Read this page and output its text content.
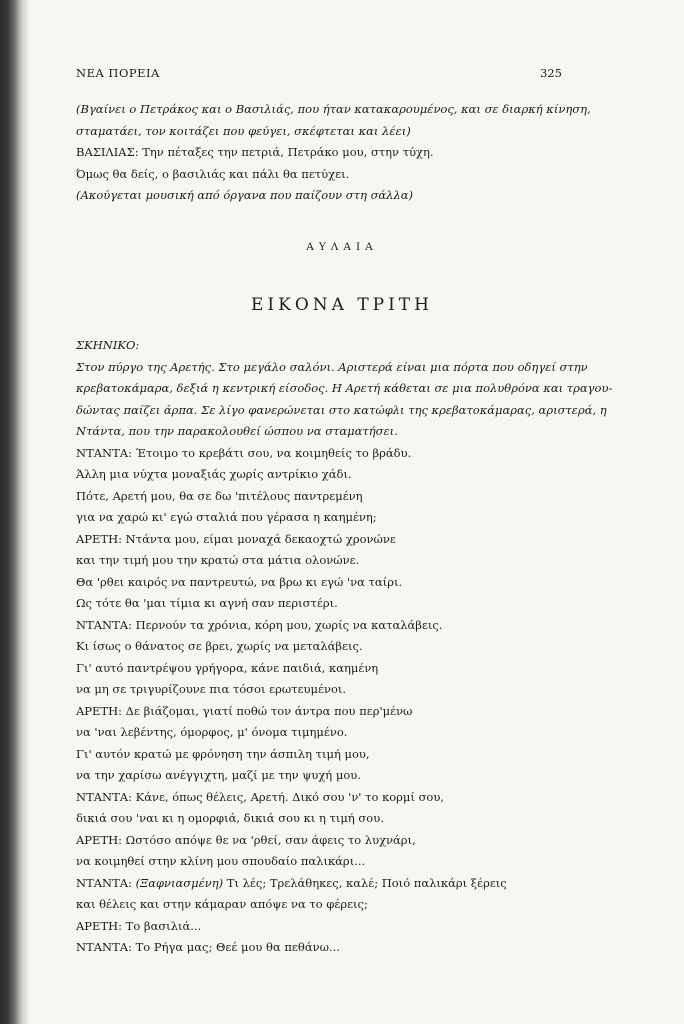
ΝΕΑ ΠΟΡΕΙΑ	325
(Βγαίνει ο Πετράκος και ο Βασιλιάς, που ήταν κατακαρουμένος, και σε διαρκή κίνηση,
σταματάει, τον κοιτάζει που φεύγει, σκέφτεται και λέει)
ΒΑΣΙΛΙΑΣ: Την πέταξες την πετριά, Πετράκο μου, στην τύχη.
Όμως θα δείς, ο βασιλιάς και πάλι θα πετύχει.
(Ακούγεται μουσική από όργανα που παίζουν στη σάλλα)
ΑΥΛΑΙΑ
ΕΙΚΟΝΑ ΤΡΙΤΗ
ΣΚΗΝΙΚΟ:
Στον πύργο της Αρετής. Στο μεγάλο σαλόνι. Αριστερά είναι μια πόρτα που οδηγεί στην
κρεβατοκάμαρα, δεξιά η κεντρική είσοδος. Η Αρετή κάθεται σε μια πολυθρόνα και τραγου-
δώντας παίζει άρπα. Σε λίγο φανερώνεται στο κατώφλι της κρεβατοκάμαρας, αριστερά, η
Ντάντα, που την παρακολουθεί ώσπου να σταματήσει.
ΝΤΑΝΤΑ: Έτοιμο το κρεβάτι σου, να κοιμηθείς το βράδυ.
Άλλη μια νύχτα μοναξιάς χωρίς αντρίκιο χάδι.
Πότε, Αρετή μου, θα σε δω 'πιτέλους παντρεμένη
για να χαρώ κι' εγώ σταλιά που γέρασα η καημένη;
ΑΡΕΤΗ: Ντάντα μου, είμαι μοναχά δεκαοχτώ χρονώνε
και την τιμή μου την κρατώ στα μάτια ολονώνε.
Θα 'ρθει καιρός να παντρευτώ, να βρω κι εγώ 'να ταίρι.
Ως τότε θα 'μαι τίμια κι αγνή σαν περιστέρι.
ΝΤΑΝΤΑ: Περνούν τα χρόνια, κόρη μου, χωρίς να καταλάβεις.
Κι ίσως ο θάνατος σε βρει, χωρίς να μεταλάβεις.
Γι' αυτό παντρέψου γρήγορα, κάνε παιδιά, καημένη
να μη σε τριγυρίζουνε πια τόσοι ερωτευμένοι.
ΑΡΕΤΗ: Δε βιάζομαι, γιατί ποθώ τον άντρα που περ'μένω
να 'ναι λεβέντης, όμορφος, μ' όνομα τιμημένο.
Γι' αυτόν κρατώ με φρόνηση την άσπιλη τιμή μου,
να την χαρίσω ανέγγιχτη, μαζί με την ψυχή μου.
ΝΤΑΝΤΑ: Κάνε, όπως θέλεις, Αρετή. Δικό σου 'ν' το κορμί σου,
δικιά σου 'ναι κι η ομορφιά, δικιά σου κι η τιμή σου.
ΑΡΕΤΗ: Ωστόσο απόψε θε να 'ρθεί, σαν άφεις το λυχνάρι,
να κοιμηθεί στην κλίνη μου σπουδαίο παλικάρι...
ΝΤΑΝΤΑ: (Ξαφνιασμένη) Τι λές; Τρελάθηκες, καλέ; Ποιό παλικάρι ξέρεις
και θέλεις και στην κάμαραν απόψε να το φέρεις;
ΑΡΕΤΗ: Το βασιλιά...
ΝΤΑΝΤΑ: Το Ρήγα μας; Θεέ μου θα πεθάνω...
